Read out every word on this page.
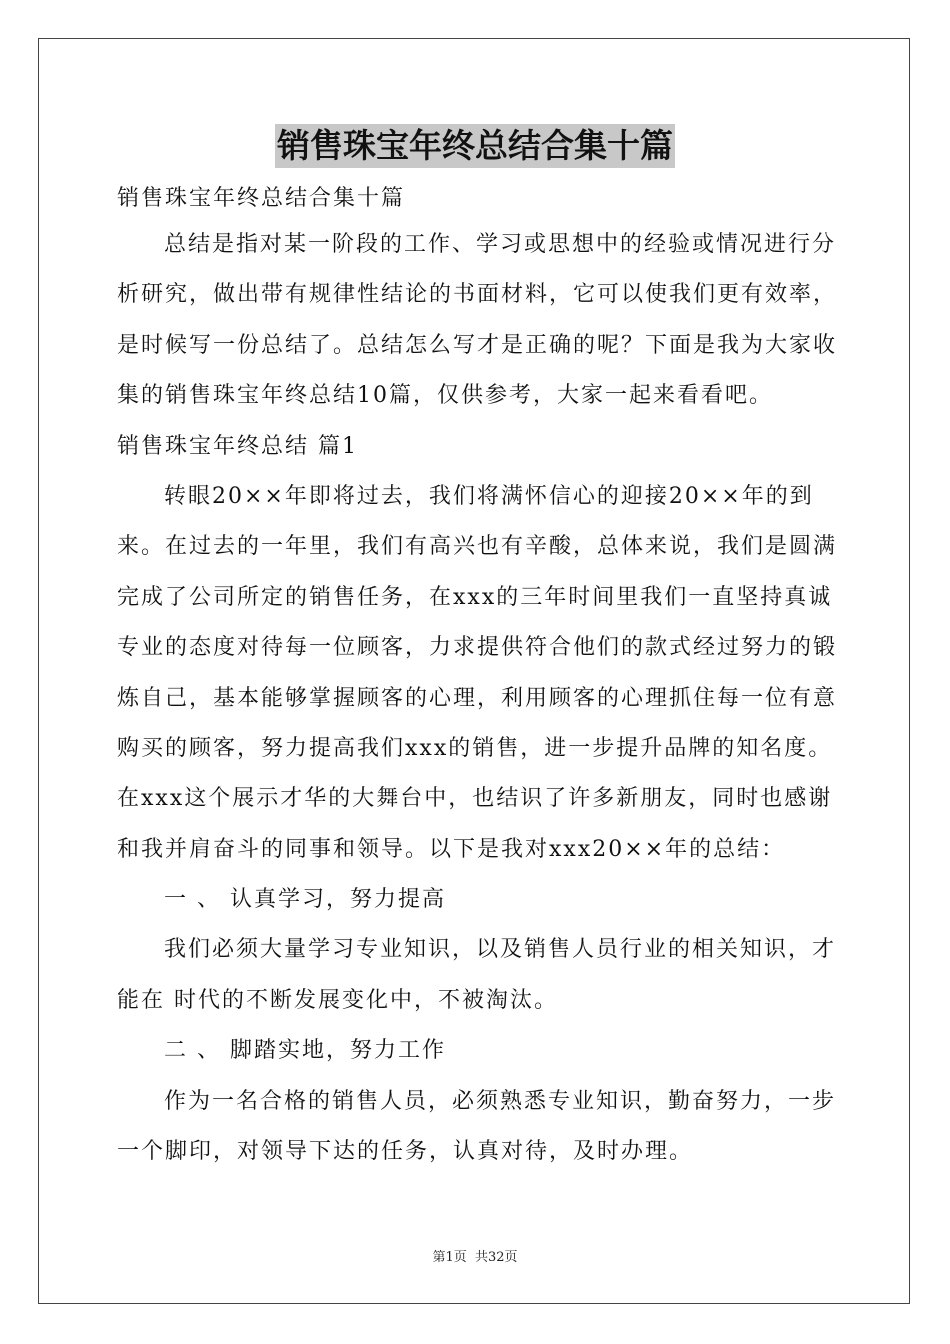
销售珠宝年终总结合集十篇
销售珠宝年终总结合集十篇
总结是指对某一阶段的工作、学习或思想中的经验或情况进行分
析研究，做出带有规律性结论的书面材料，它可以使我们更有效率，
是时候写一份总结了。总结怎么写才是正确的呢？下面是我为大家收
集的销售珠宝年终总结10篇，仅供参考，大家一起来看看吧。
销售珠宝年终总结 篇1
转眼20××年即将过去，我们将满怀信心的迎接20××年的到
来。在过去的一年里，我们有高兴也有辛酸，总体来说，我们是圆满
完成了公司所定的销售任务，在xxx的三年时间里我们一直坚持真诚
专业的态度对待每一位顾客，力求提供符合他们的款式经过努力的锻
炼自己，基本能够掌握顾客的心理，利用顾客的心理抓住每一位有意
购买的顾客，努力提高我们xxx的销售，进一步提升品牌的知名度。
在xxx这个展示才华的大舞台中，也结识了许多新朋友，同时也感谢
和我并肩奋斗的同事和领导。以下是我对xxx20××年的总结：
一 、 认真学习，努力提高
我们必须大量学习专业知识，以及销售人员行业的相关知识，才
能在 时代的不断发展变化中，不被淘汰。
二 、 脚踏实地，努力工作
作为一名合格的销售人员，必须熟悉专业知识，勤奋努力，一步
一个脚印，对领导下达的任务，认真对待，及时办理。
第1页 共32页
